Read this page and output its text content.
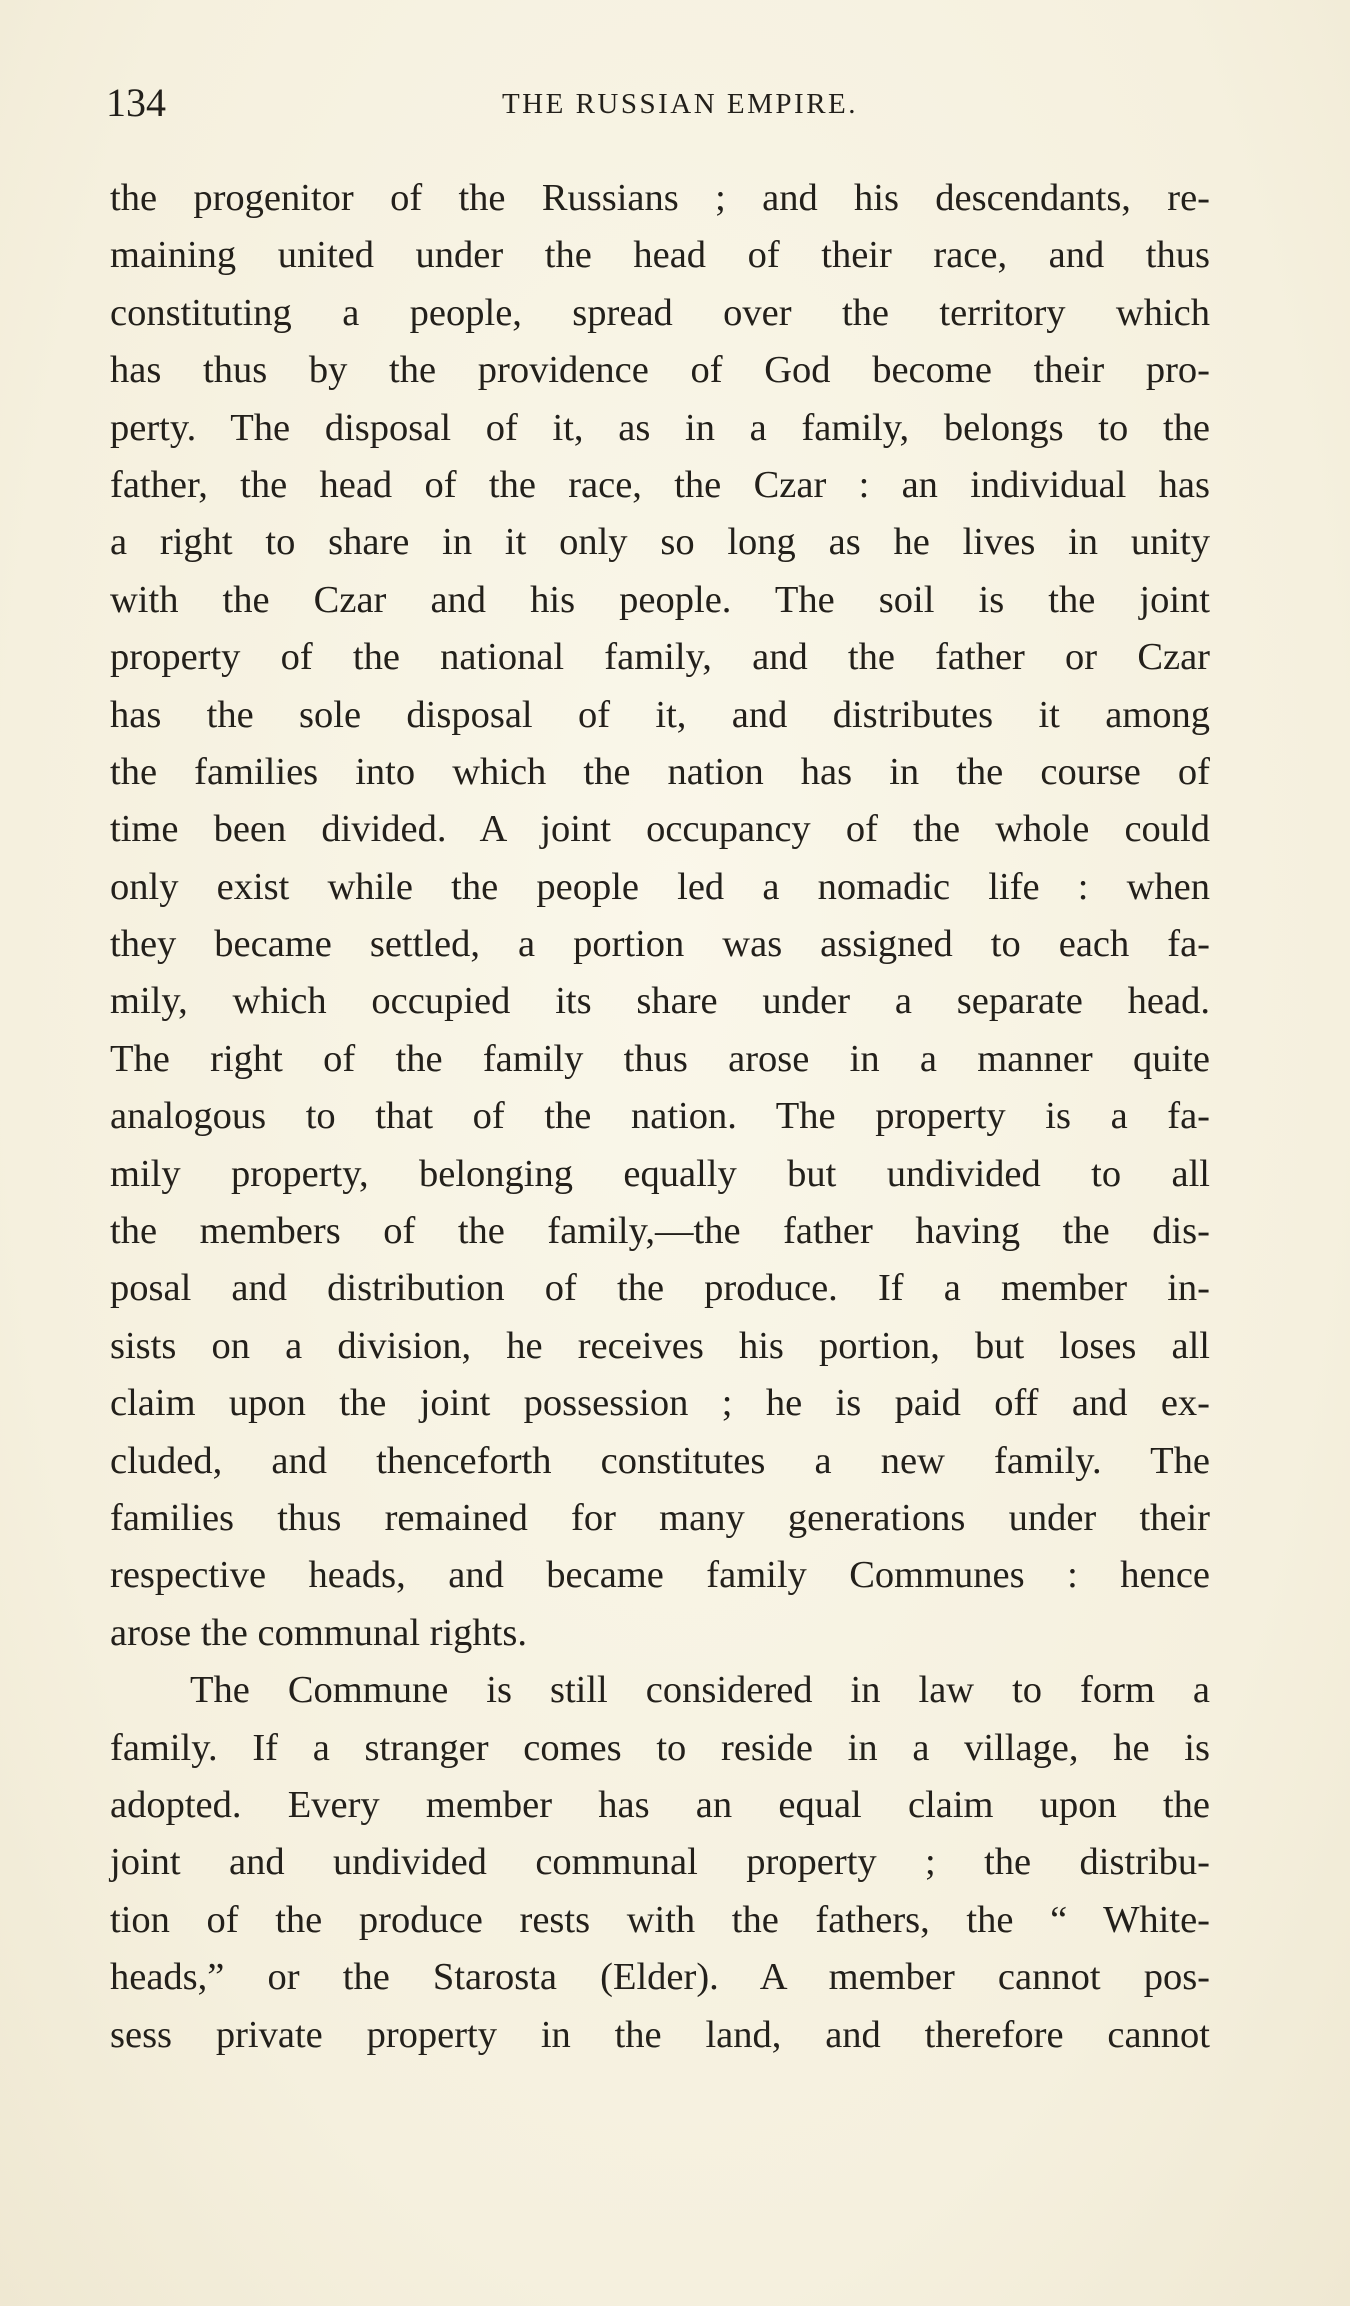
134	THE RUSSIAN EMPIRE.
the progenitor of the Russians ; and his descendants, re-
maining united under the head of their race, and thus
constituting a people, spread over the territory which
has thus by the providence of God become their pro-
perty. The disposal of it, as in a family, belongs to the
father, the head of the race, the Czar : an individual has
a right to share in it only so long as he lives in unity
with the Czar and his people. The soil is the joint
property of the national family, and the father or Czar
has the sole disposal of it, and distributes it among
the families into which the nation has in the course of
time been divided. A joint occupancy of the whole could
only exist while the people led a nomadic life : when
they became settled, a portion was assigned to each fa-
mily, which occupied its share under a separate head.
The right of the family thus arose in a manner quite
analogous to that of the nation. The property is a fa-
mily property, belonging equally but undivided to all
the members of the family,—the father having the dis-
posal and distribution of the produce. If a member in-
sists on a division, he receives his portion, but loses all
claim upon the joint possession ; he is paid off and ex-
cluded, and thenceforth constitutes a new family. The
families thus remained for many generations under their
respective heads, and became family Communes : hence
arose the communal rights.
The Commune is still considered in law to form a
family. If a stranger comes to reside in a village, he is
adopted. Every member has an equal claim upon the
joint and undivided communal property ; the distribu-
tion of the produce rests with the fathers, the “ White-
heads,” or the Starosta (Elder). A member cannot pos-
sess private property in the land, and therefore cannot
